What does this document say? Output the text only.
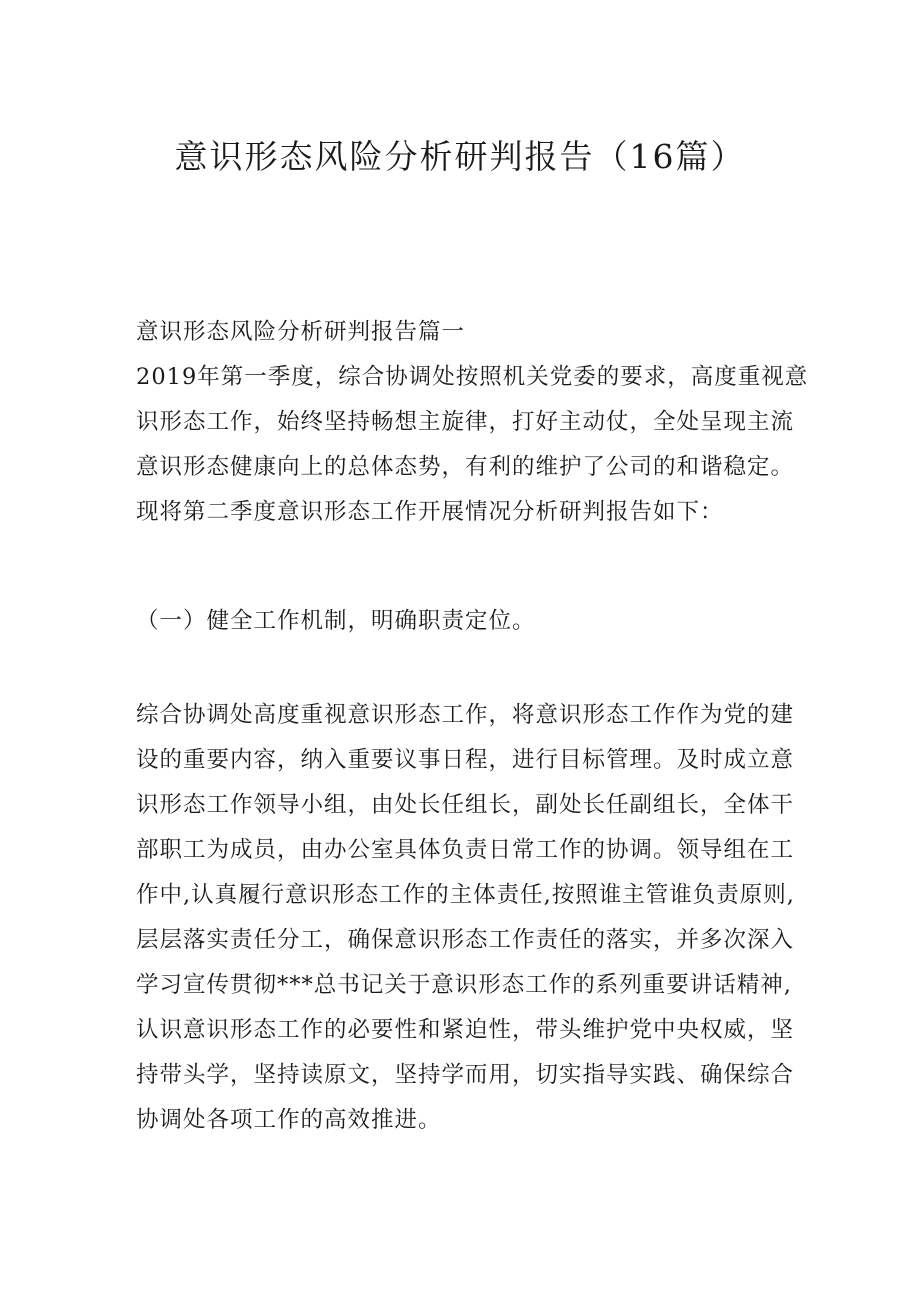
意识形态风险分析研判报告（16篇）
意识形态风险分析研判报告篇一
2019年第一季度，综合协调处按照机关党委的要求，高度重视意
识形态工作，始终坚持畅想主旋律，打好主动仗，全处呈现主流
意识形态健康向上的总体态势，有利的维护了公司的和谐稳定。
现将第二季度意识形态工作开展情况分析研判报告如下：
（一）健全工作机制，明确职责定位。
综合协调处高度重视意识形态工作，将意识形态工作作为党的建
设的重要内容，纳入重要议事日程，进行目标管理。及时成立意
识形态工作领导小组，由处长任组长，副处长任副组长，全体干
部职工为成员，由办公室具体负责日常工作的协调。领导组在工
作中,认真履行意识形态工作的主体责任,按照谁主管谁负责原则,
层层落实责任分工，确保意识形态工作责任的落实，并多次深入
学习宣传贯彻***总书记关于意识形态工作的系列重要讲话精神,
认识意识形态工作的必要性和紧迫性，带头维护党中央权威，坚
持带头学，坚持读原文，坚持学而用，切实指导实践、确保综合
协调处各项工作的高效推进。
